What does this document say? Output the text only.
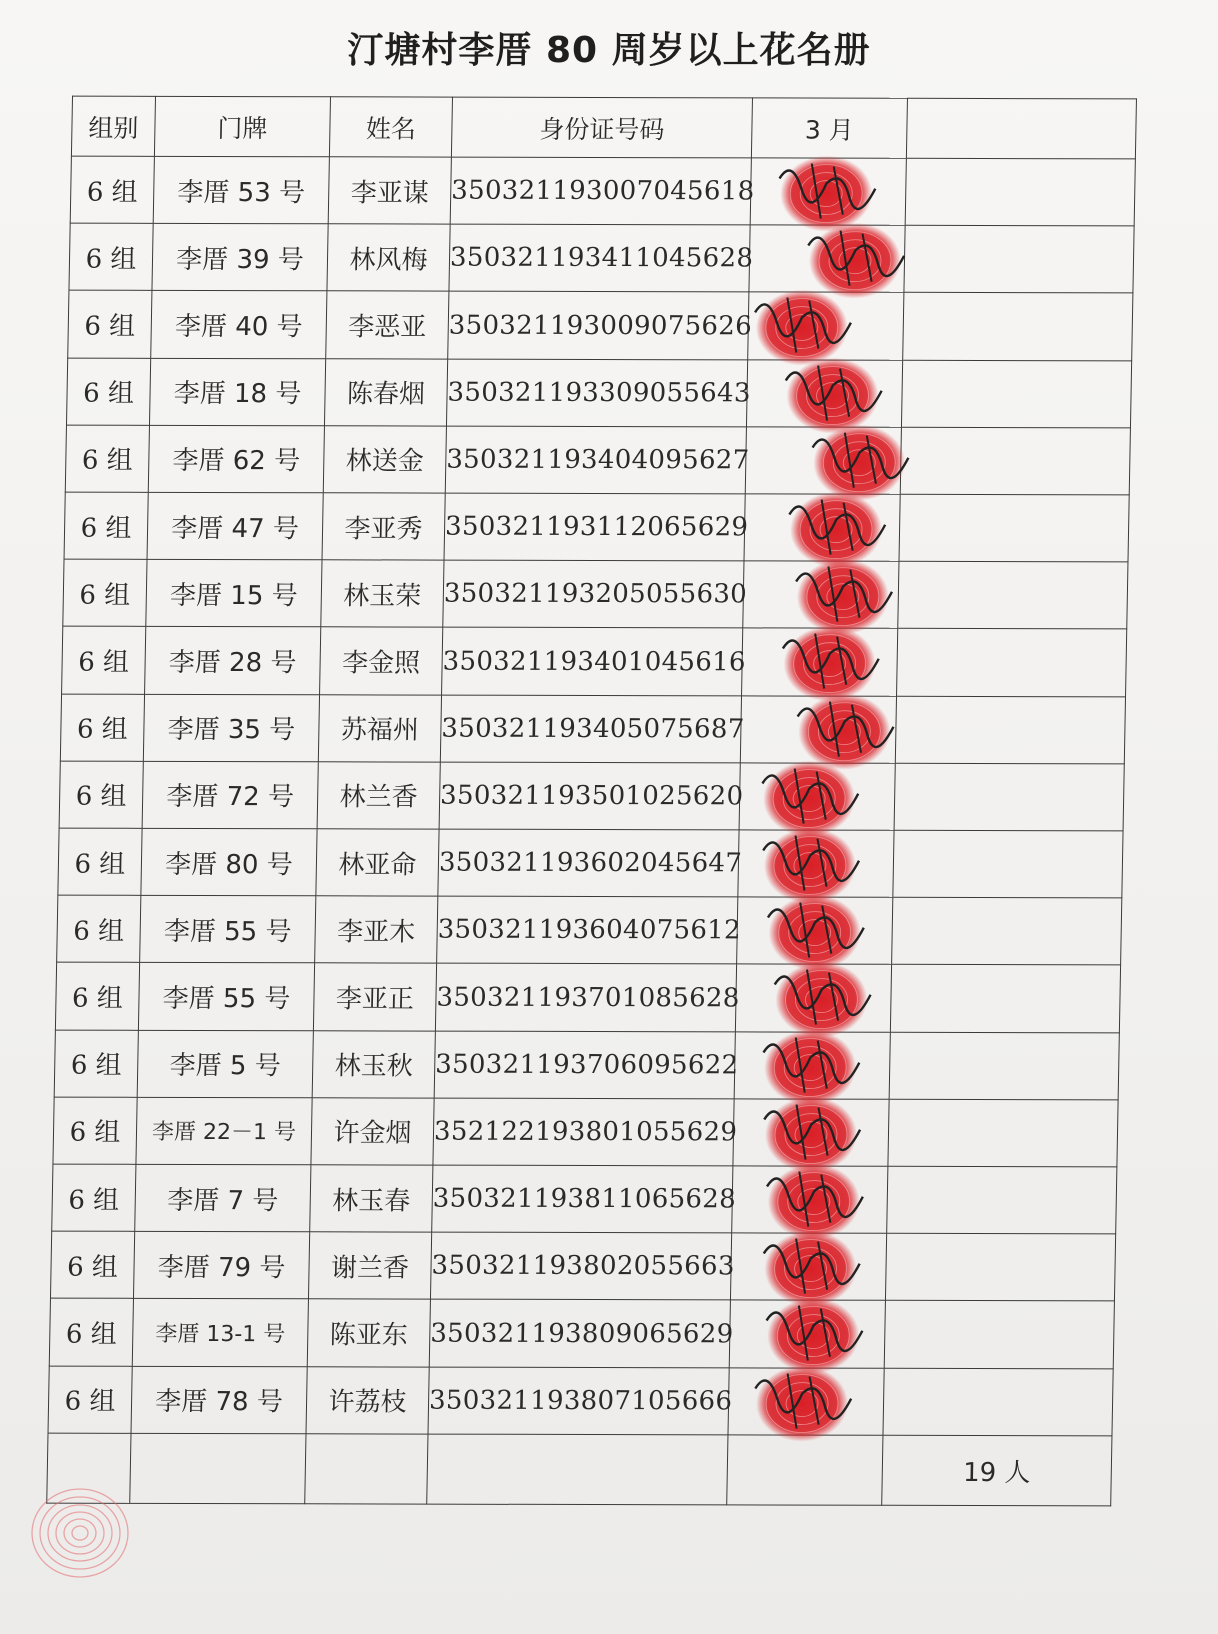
汀塘村李厝 80 周岁以上花名册
组别	门牌	姓名	身份证号码	3 月	
6 组	李厝 53 号	李亚谋	350321193007045618	

6 组	李厝 39 号	林风梅	350321193411045628	

6 组	李厝 40 号	李恶亚	350321193009075626	

6 组	李厝 18 号	陈春烟	350321193309055643	

6 组	李厝 62 号	林送金	350321193404095627	

6 组	李厝 47 号	李亚秀	350321193112065629	

6 组	李厝 15 号	林玉荣	350321193205055630	

6 组	李厝 28 号	李金照	350321193401045616	

6 组	李厝 35 号	苏福州	350321193405075687	

6 组	李厝 72 号	林兰香	350321193501025620	

6 组	李厝 80 号	林亚命	350321193602045647	

6 组	李厝 55 号	李亚木	350321193604075612	

6 组	李厝 55 号	李亚正	350321193701085628	

6 组	李厝 5 号	林玉秋	350321193706095622	

6 组	李厝 22－1 号	许金烟	352122193801055629	

6 组	李厝 7 号	林玉春	350321193811065628	

6 组	李厝 79 号	谢兰香	350321193802055663	

6 组	李厝 13-1 号	陈亚东	350321193809065629	

6 组	李厝 78 号	许荔枝	350321193807105666	

					19 人
